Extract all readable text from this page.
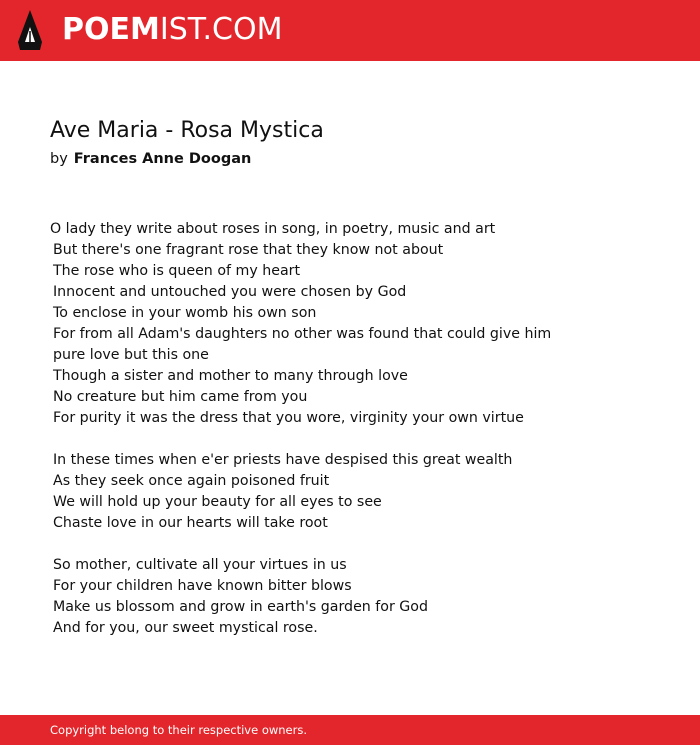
POEMIST.COM
Ave Maria - Rosa Mystica
by Frances Anne Doogan
O lady they write about roses in song, in poetry, music and art
But there's one fragrant rose that they know not about
The rose who is queen of my heart
Innocent and untouched you were chosen by God
To enclose in your womb his own son
For from all Adam's daughters no other was found that could give him
pure love but this one
Though a sister and mother to many through love
No creature but him came from you
For purity it was the dress that you wore, virginity your own virtue
In these times when e'er priests have despised this great wealth
As they seek once again poisoned fruit
We will hold up your beauty for all eyes to see
Chaste love in our hearts will take root
So mother, cultivate all your virtues in us
For your children have known bitter blows
Make us blossom and grow in earth's garden for God
And for you, our sweet mystical rose.
Copyright belong to their respective owners.
